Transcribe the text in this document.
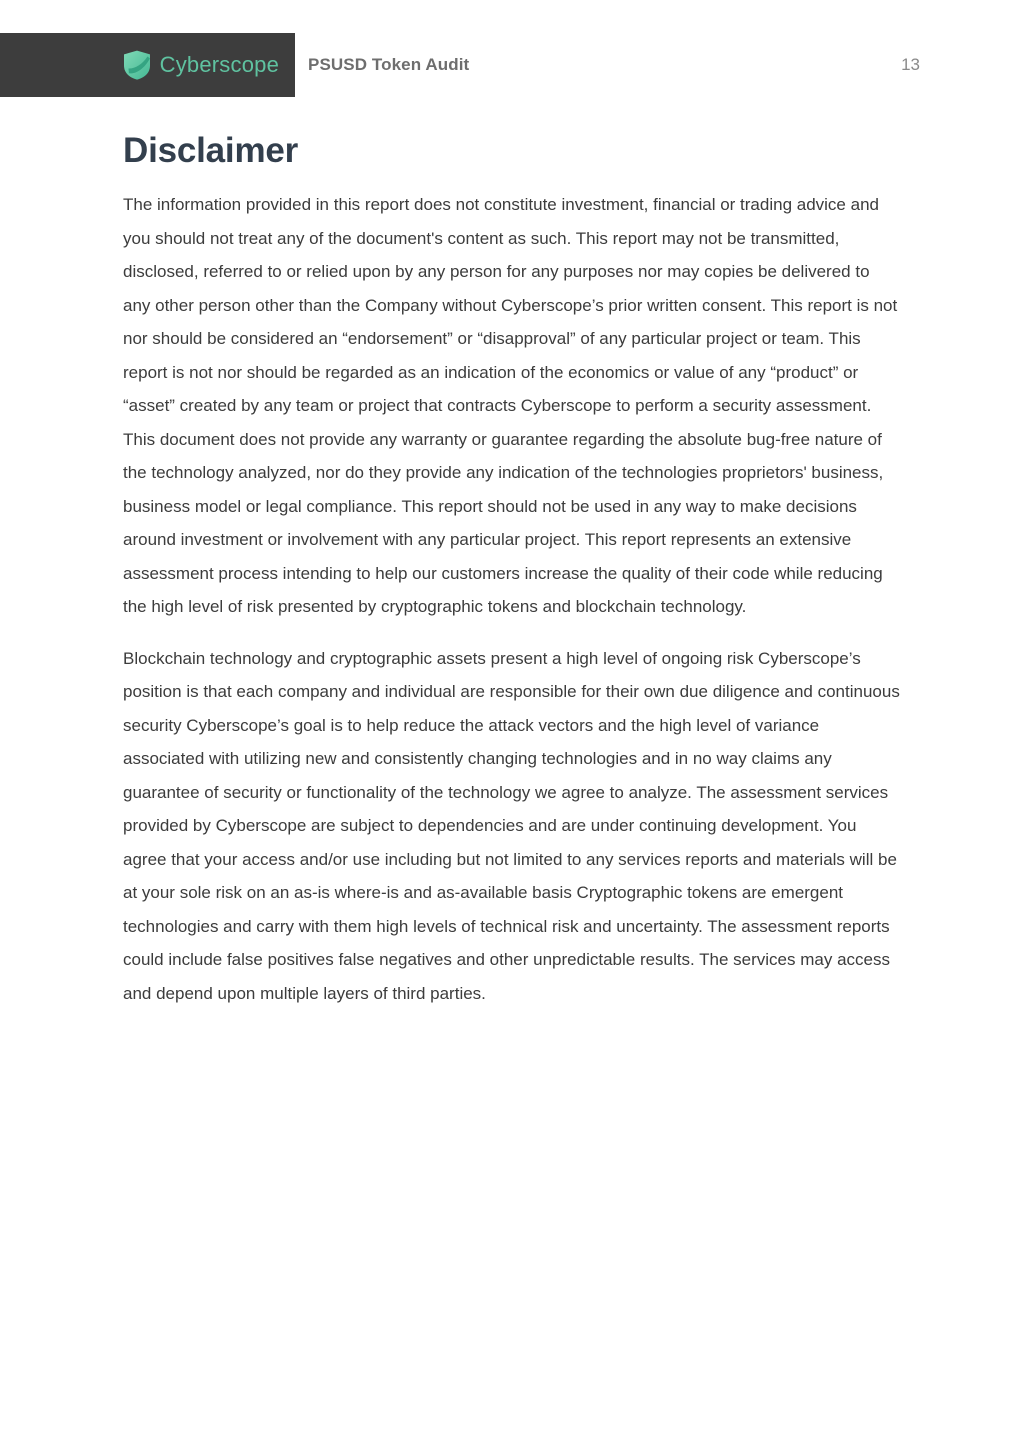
Cyberscope PSUSD Token Audit	13
Disclaimer

The information provided in this report does not constitute investment, financial or trading advice and you should not treat any of the document's content as such. This report may not be transmitted, disclosed, referred to or relied upon by any person for any purposes nor may copies be delivered to any other person other than the Company without Cyberscope’s prior written consent. This report is not nor should be considered an “endorsement” or “disapproval” of any particular project or team. This report is not nor should be regarded as an indication of the economics or value of any “product” or “asset” created by any team or project that contracts Cyberscope to perform a security assessment. This document does not provide any warranty or guarantee regarding the absolute bug-free nature of the technology analyzed, nor do they provide any indication of the technologies proprietors' business, business model or legal compliance. This report should not be used in any way to make decisions around investment or involvement with any particular project. This report represents an extensive assessment process intending to help our customers increase the quality of their code while reducing the high level of risk presented by cryptographic tokens and blockchain technology.

Blockchain technology and cryptographic assets present a high level of ongoing risk Cyberscope’s position is that each company and individual are responsible for their own due diligence and continuous security Cyberscope’s goal is to help reduce the attack vectors and the high level of variance associated with utilizing new and consistently changing technologies and in no way claims any guarantee of security or functionality of the technology we agree to analyze. The assessment services provided by Cyberscope are subject to dependencies and are under continuing development. You agree that your access and/or use including but not limited to any services reports and materials will be at your sole risk on an as-is where-is and as-available basis Cryptographic tokens are emergent technologies and carry with them high levels of technical risk and uncertainty. The assessment reports could include false positives false negatives and other unpredictable results. The services may access and depend upon multiple layers of third parties.
